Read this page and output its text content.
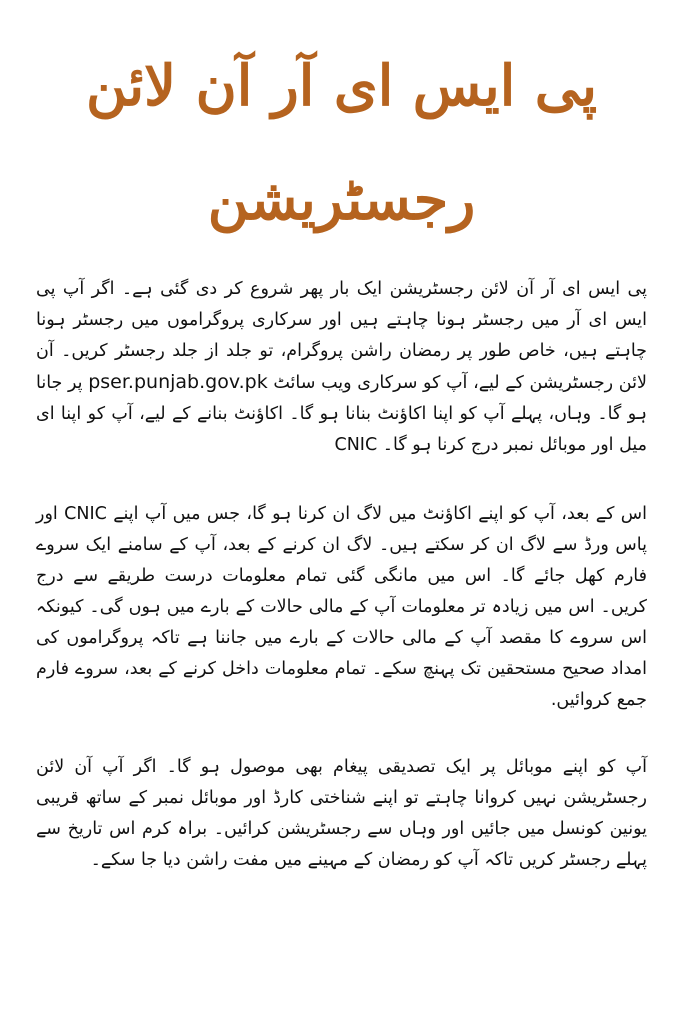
پی ایس ای آر آن لائن
رجسٹریشن

پی ایس ای آر آن لائن رجسٹریشن ایک بار پھر شروع کر دی گئی ہے۔ اگر آپ پی ایس ای آر میں رجسٹر ہونا چاہتے ہیں اور سرکاری پروگراموں میں رجسٹر ہونا چاہتے ہیں، خاص طور پر رمضان راشن پروگرام، تو جلد از جلد رجسٹر کریں۔ آن لائن رجسٹریشن کے لیے، آپ کو سرکاری ویب سائٹ pser.punjab.gov.pk پر جانا ہو گا۔ وہاں، پہلے آپ کو اپنا اکاؤنٹ بنانا ہو گا۔ اکاؤنٹ بنانے کے لیے، آپ کو اپنا ای میل اور موبائل نمبر درج کرنا ہو گا۔ CNIC

اس کے بعد، آپ کو اپنے اکاؤنٹ میں لاگ ان کرنا ہو گا، جس میں آپ اپنے CNIC اور پاس ورڈ سے لاگ ان کر سکتے ہیں۔ لاگ ان کرنے کے بعد، آپ کے سامنے ایک سروے فارم کھل جائے گا۔ اس میں مانگی گئی تمام معلومات درست طریقے سے درج کریں۔ اس میں زیادہ تر معلومات آپ کے مالی حالات کے بارے میں ہوں گی۔ کیونکہ اس سروے کا مقصد آپ کے مالی حالات کے بارے میں جاننا ہے تاکہ پروگراموں کی امداد صحیح مستحقین تک پہنچ سکے۔ تمام معلومات داخل کرنے کے بعد، سروے فارم جمع کروائیں.

آپ کو اپنے موبائل پر ایک تصدیقی پیغام بھی موصول ہو گا۔ اگر آپ آن لائن رجسٹریشن نہیں کروانا چاہتے تو اپنے شناختی کارڈ اور موبائل نمبر کے ساتھ قریبی یونین کونسل میں جائیں اور وہاں سے رجسٹریشن کرائیں۔ براہ کرم اس تاریخ سے پہلے رجسٹر کریں تاکہ آپ کو رمضان کے مہینے میں مفت راشن دیا جا سکے۔
